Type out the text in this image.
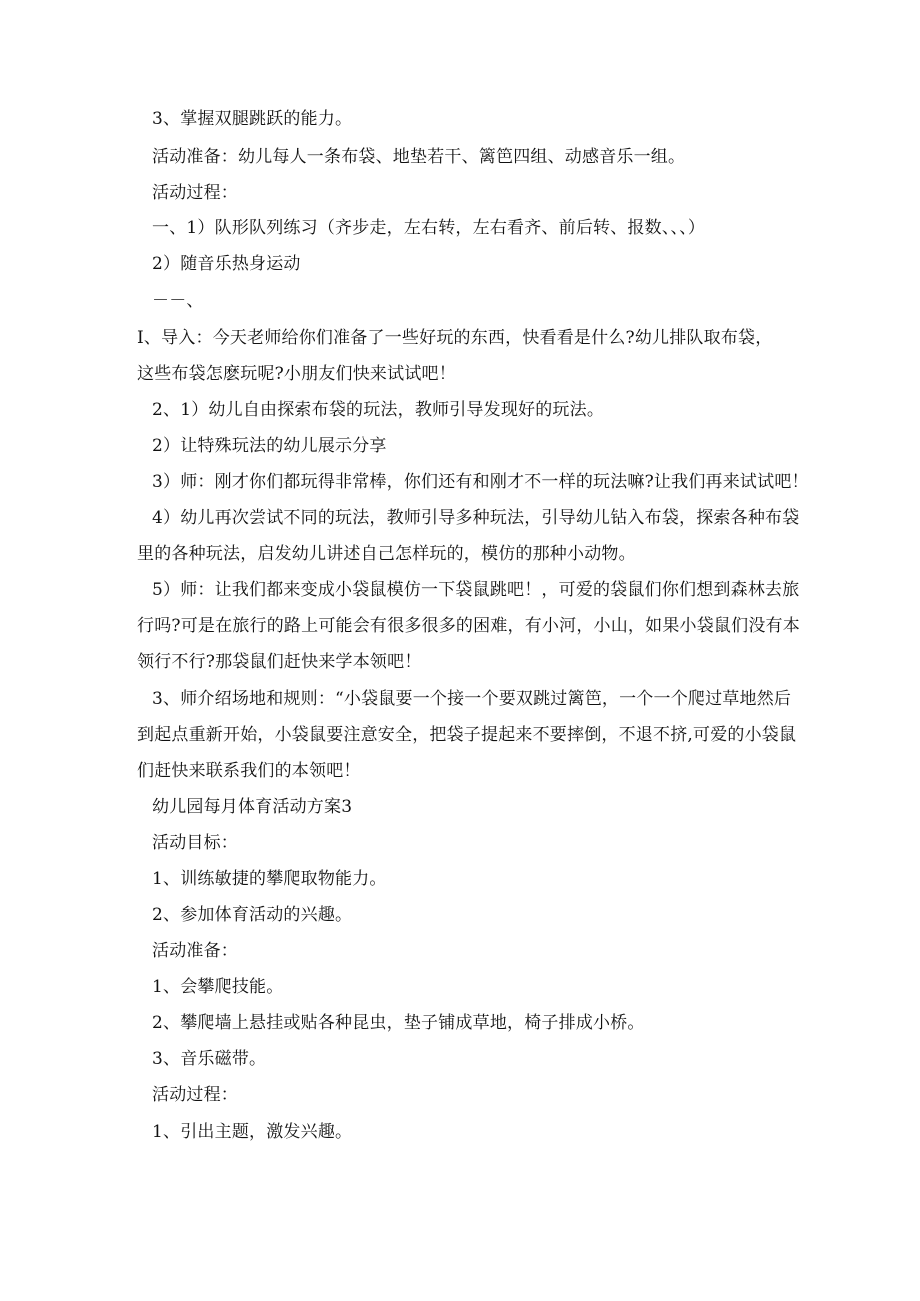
3、掌握双腿跳跃的能力。
活动准备：幼儿每人一条布袋、地垫若干、篱笆四组、动感音乐一组。
活动过程：
一、1）队形队列练习（齐步走，左右转，左右看齐、前后转、报数、、、）
2）随音乐热身运动
－－、
I、导入：今天老师给你们准备了一些好玩的东西，快看看是什么?幼儿排队取布袋，
这些布袋怎麽玩呢?小朋友们快来试试吧！
2、1）幼儿自由探索布袋的玩法，教师引导发现好的玩法。
2）让特殊玩法的幼儿展示分享
3）师：刚才你们都玩得非常棒，你们还有和刚才不一样的玩法嘛?让我们再来试试吧！
4）幼儿再次尝试不同的玩法，教师引导多种玩法，引导幼儿钻入布袋，探索各种布袋
里的各种玩法，启发幼儿讲述自己怎样玩的，模仿的那种小动物。
5）师：让我们都来变成小袋鼠模仿一下袋鼠跳吧！，可爱的袋鼠们你们想到森林去旅
行吗?可是在旅行的路上可能会有很多很多的困难，有小河，小山，如果小袋鼠们没有本
领行不行?那袋鼠们赶快来学本领吧！
3、师介绍场地和规则：“小袋鼠要一个接一个要双跳过篱笆，一个一个爬过草地然后
到起点重新开始，小袋鼠要注意安全，把袋子提起来不要摔倒，不退不挤,可爱的小袋鼠
们赶快来联系我们的本领吧！
幼儿园每月体育活动方案3
活动目标：
1、训练敏捷的攀爬取物能力。
2、参加体育活动的兴趣。
活动准备：
1、会攀爬技能。
2、攀爬墙上悬挂或贴各种昆虫，垫子铺成草地，椅子排成小桥。
3、音乐磁带。
活动过程：
1、引出主题，激发兴趣。
